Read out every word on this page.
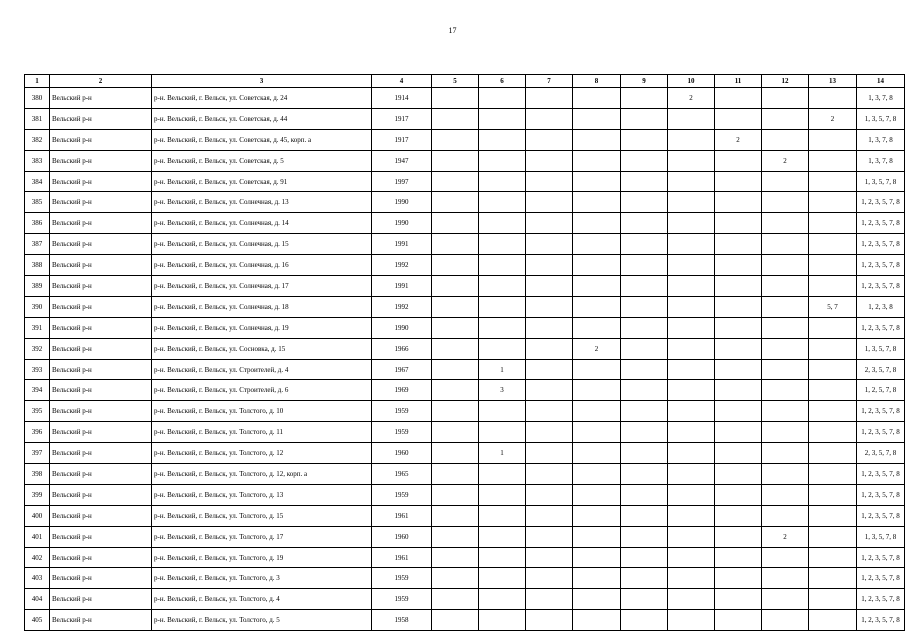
17
1	2	3	4	5	6	7	8	9	10	11	12	13	14
380	Вельский р-н	р-н. Вельский, г. Вельск, ул. Советская, д. 24	1914						2				1, 3, 7, 8
381	Вельский р-н	р-н. Вельский, г. Вельск, ул. Советская, д. 44	1917									2	1, 3, 5, 7, 8
382	Вельский р-н	р-н. Вельский, г. Вельск, ул. Советская, д. 45, корп. а	1917							2			1, 3, 7, 8
383	Вельский р-н	р-н. Вельский, г. Вельск, ул. Советская, д. 5	1947								2		1, 3, 7, 8
384	Вельский р-н	р-н. Вельский, г. Вельск, ул. Советская, д. 91	1997										1, 3, 5, 7, 8
385	Вельский р-н	р-н. Вельский, г. Вельск, ул. Солнечная, д. 13	1990										1, 2, 3, 5, 7, 8
386	Вельский р-н	р-н. Вельский, г. Вельск, ул. Солнечная, д. 14	1990										1, 2, 3, 5, 7, 8
387	Вельский р-н	р-н. Вельский, г. Вельск, ул. Солнечная, д. 15	1991										1, 2, 3, 5, 7, 8
388	Вельский р-н	р-н. Вельский, г. Вельск, ул. Солнечная, д. 16	1992										1, 2, 3, 5, 7, 8
389	Вельский р-н	р-н. Вельский, г. Вельск, ул. Солнечная, д. 17	1991										1, 2, 3, 5, 7, 8
390	Вельский р-н	р-н. Вельский, г. Вельск, ул. Солнечная, д. 18	1992									5, 7	1, 2, 3, 8
391	Вельский р-н	р-н. Вельский, г. Вельск, ул. Солнечная, д. 19	1990										1, 2, 3, 5, 7, 8
392	Вельский р-н	р-н. Вельский, г. Вельск, ул. Сосновка, д. 15	1966				2						1, 3, 5, 7, 8
393	Вельский р-н	р-н. Вельский, г. Вельск, ул. Строителей, д. 4	1967		1								2, 3, 5, 7, 8
394	Вельский р-н	р-н. Вельский, г. Вельск, ул. Строителей, д. 6	1969		3								1, 2, 5, 7, 8
395	Вельский р-н	р-н. Вельский, г. Вельск, ул. Толстого, д. 10	1959										1, 2, 3, 5, 7, 8
396	Вельский р-н	р-н. Вельский, г. Вельск, ул. Толстого, д. 11	1959										1, 2, 3, 5, 7, 8
397	Вельский р-н	р-н. Вельский, г. Вельск, ул. Толстого, д. 12	1960		1								2, 3, 5, 7, 8
398	Вельский р-н	р-н. Вельский, г. Вельск, ул. Толстого, д. 12, корп. а	1965										1, 2, 3, 5, 7, 8
399	Вельский р-н	р-н. Вельский, г. Вельск, ул. Толстого, д. 13	1959										1, 2, 3, 5, 7, 8
400	Вельский р-н	р-н. Вельский, г. Вельск, ул. Толстого, д. 15	1961										1, 2, 3, 5, 7, 8
401	Вельский р-н	р-н. Вельский, г. Вельск, ул. Толстого, д. 17	1960								2		1, 3, 5, 7, 8
402	Вельский р-н	р-н. Вельский, г. Вельск, ул. Толстого, д. 19	1961										1, 2, 3, 5, 7, 8
403	Вельский р-н	р-н. Вельский, г. Вельск, ул. Толстого, д. 3	1959										1, 2, 3, 5, 7, 8
404	Вельский р-н	р-н. Вельский, г. Вельск, ул. Толстого, д. 4	1959										1, 2, 3, 5, 7, 8
405	Вельский р-н	р-н. Вельский, г. Вельск, ул. Толстого, д. 5	1958										1, 2, 3, 5, 7, 8
